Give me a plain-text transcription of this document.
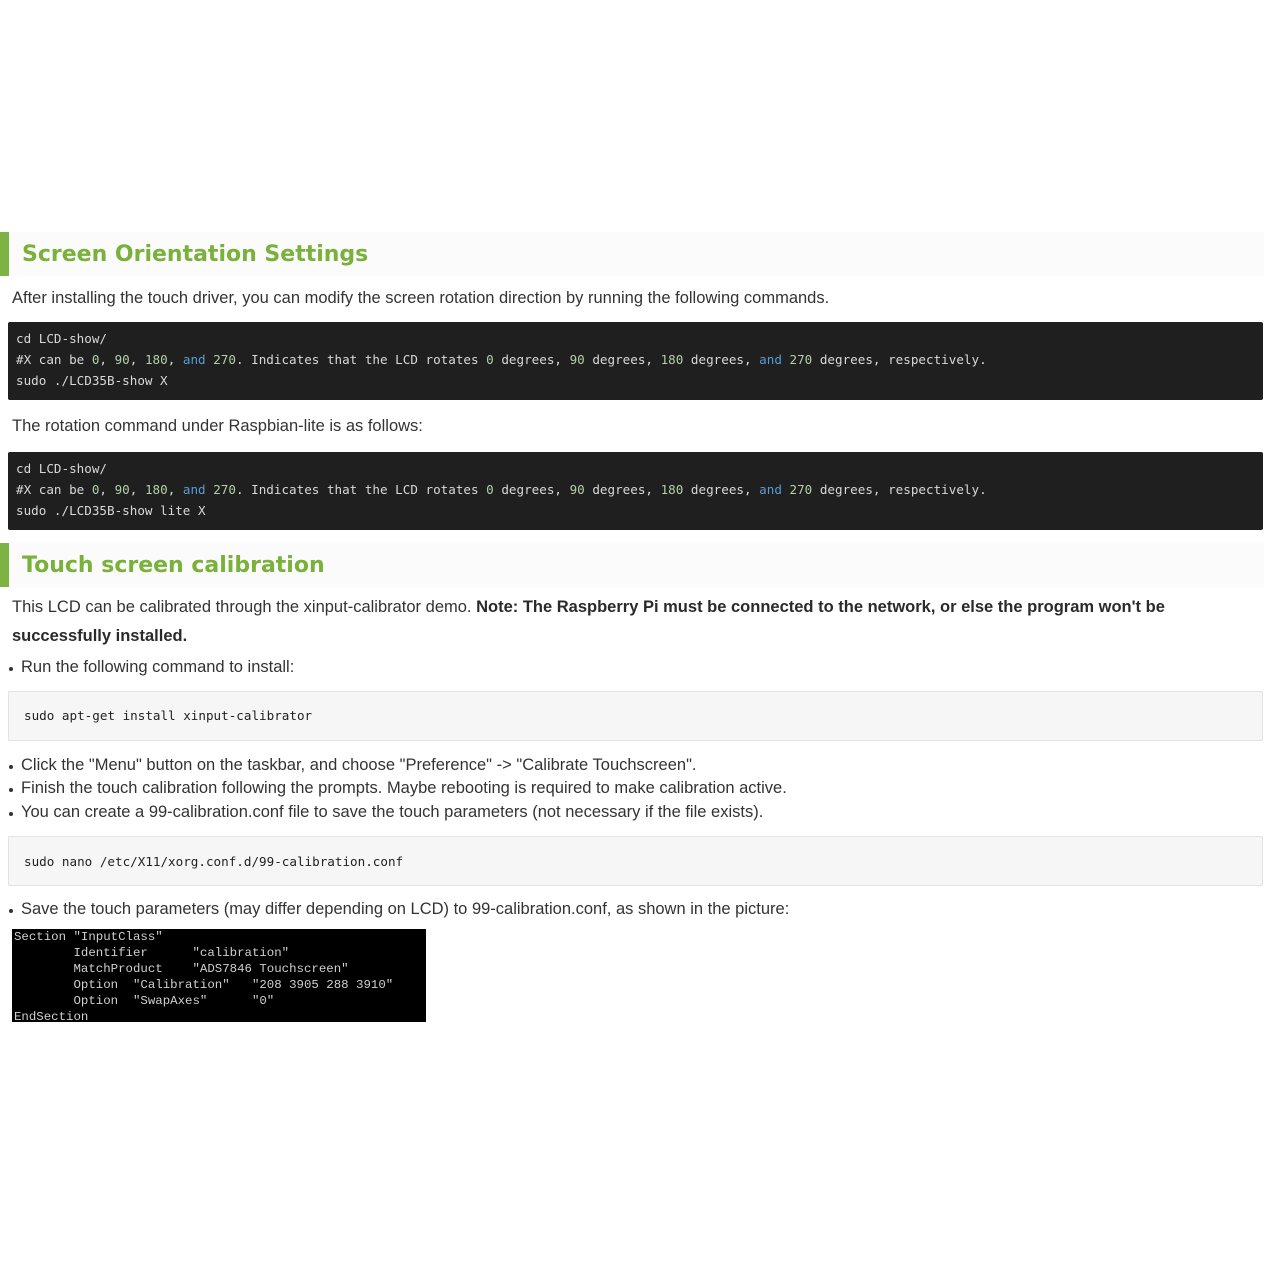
Screen Orientation Settings

After installing the touch driver, you can modify the screen rotation direction by running the following commands.

cd LCD-show/
#X can be 0, 90, 180, and 270. Indicates that the LCD rotates 0 degrees, 90 degrees, 180 degrees, and 270 degrees, respectively.
sudo ./LCD35B-show X

The rotation command under Raspbian-lite is as follows:

cd LCD-show/
#X can be 0, 90, 180, and 270. Indicates that the LCD rotates 0 degrees, 90 degrees, 180 degrees, and 270 degrees, respectively.
sudo ./LCD35B-show lite X
Touch screen calibration

This LCD can be calibrated through the xinput-calibrator demo. Note: The Raspberry Pi must be connected to the network, or else the program won't be
successfully installed.

Run the following command to install:
sudo apt-get install xinput-calibrator
Click the "Menu" button on the taskbar, and choose "Preference" -> "Calibrate Touchscreen".
Finish the touch calibration following the prompts. Maybe rebooting is required to make calibration active.
You can create a 99-calibration.conf file to save the touch parameters (not necessary if the file exists).
sudo nano /etc/X11/xorg.conf.d/99-calibration.conf
Save the touch parameters (may differ depending on LCD) to 99-calibration.conf, as shown in the picture:
Section "InputClass"
Identifier      "calibration"
MatchProduct    "ADS7846 Touchscreen"
Option  "Calibration"   "208 3905 288 3910"
Option  "SwapAxes"      "0"
EndSection
